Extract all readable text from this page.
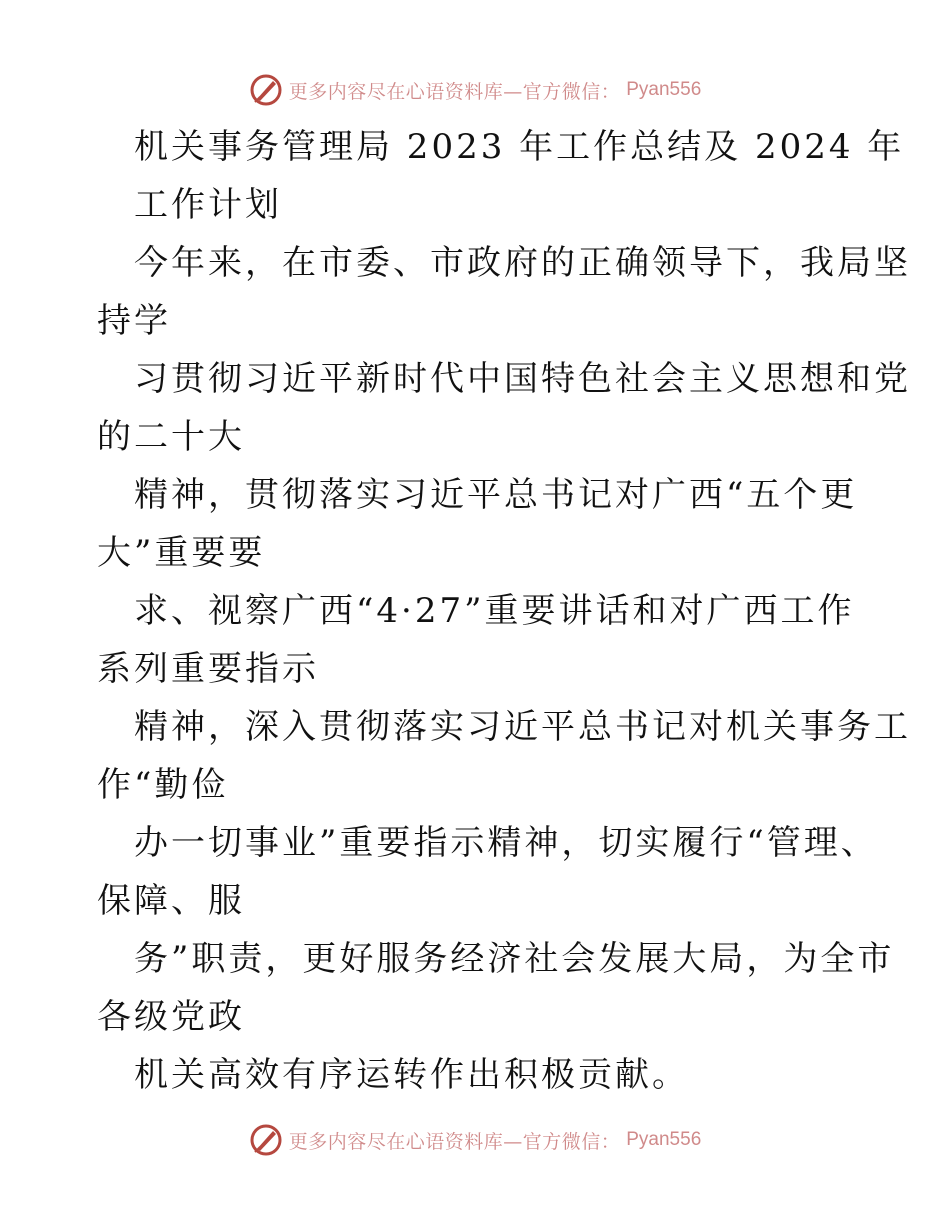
更多内容尽在心语资料库—官方微信： Pyan556
机关事务管理局 2023 年工作总结及 2024 年
工作计划
今年来，在市委、市政府的正确领导下，我局坚
持学
习贯彻习近平新时代中国特色社会主义思想和党
的二十大
精神，贯彻落实习近平总书记对广西“五个更
大”重要要
求、视察广西“4·27”重要讲话和对广西工作
系列重要指示
精神，深入贯彻落实习近平总书记对机关事务工
作“勤俭
办一切事业”重要指示精神，切实履行“管理、
保障、服
务”职责，更好服务经济社会发展大局，为全市
各级党政
机关高效有序运转作出积极贡献。
更多内容尽在心语资料库—官方微信： Pyan556
